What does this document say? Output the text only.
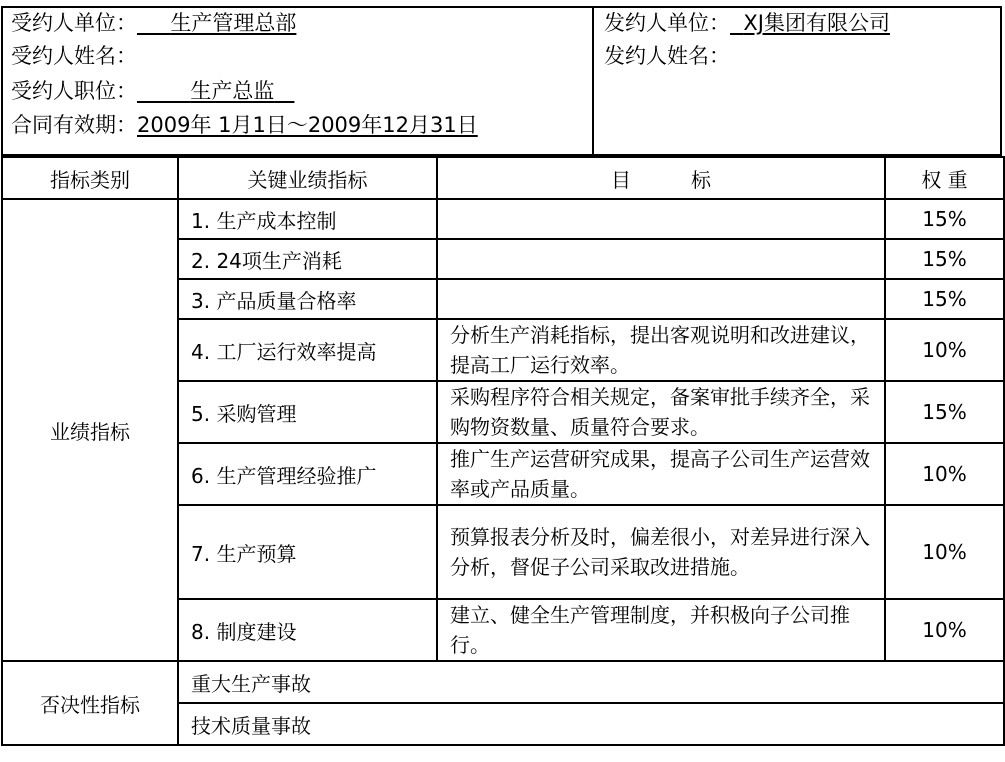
受约人单位： 生产管理总部
受约人姓名：
受约人职位：	生产总监
合同有效期：2009年 1月1日～2009年12月31日
发约人单位： XJ集团有限公司
发约人姓名：
指标类别	关键业绩指标	目　　　标	权 重
业绩指标	1. 生产成本控制		15%
	2. 24项生产消耗		15%
	3. 产品质量合格率		15%
	4. 工厂运行效率提高	分析生产消耗指标，提出客观说明和改进建议，提高工厂运行效率。	10%
	5. 采购管理	采购程序符合相关规定，备案审批手续齐全，采购物资数量、质量符合要求。	15%
	6. 生产管理经验推广	推广生产运营研究成果，提高子公司生产运营效率或产品质量。	10%
	7. 生产预算	预算报表分析及时，偏差很小，对差异进行深入分析，督促子公司采取改进措施。	10%
	8. 制度建设	建立、健全生产管理制度，并积极向子公司推行。	10%
否决性指标	重大生产事故		
	技术质量事故		
